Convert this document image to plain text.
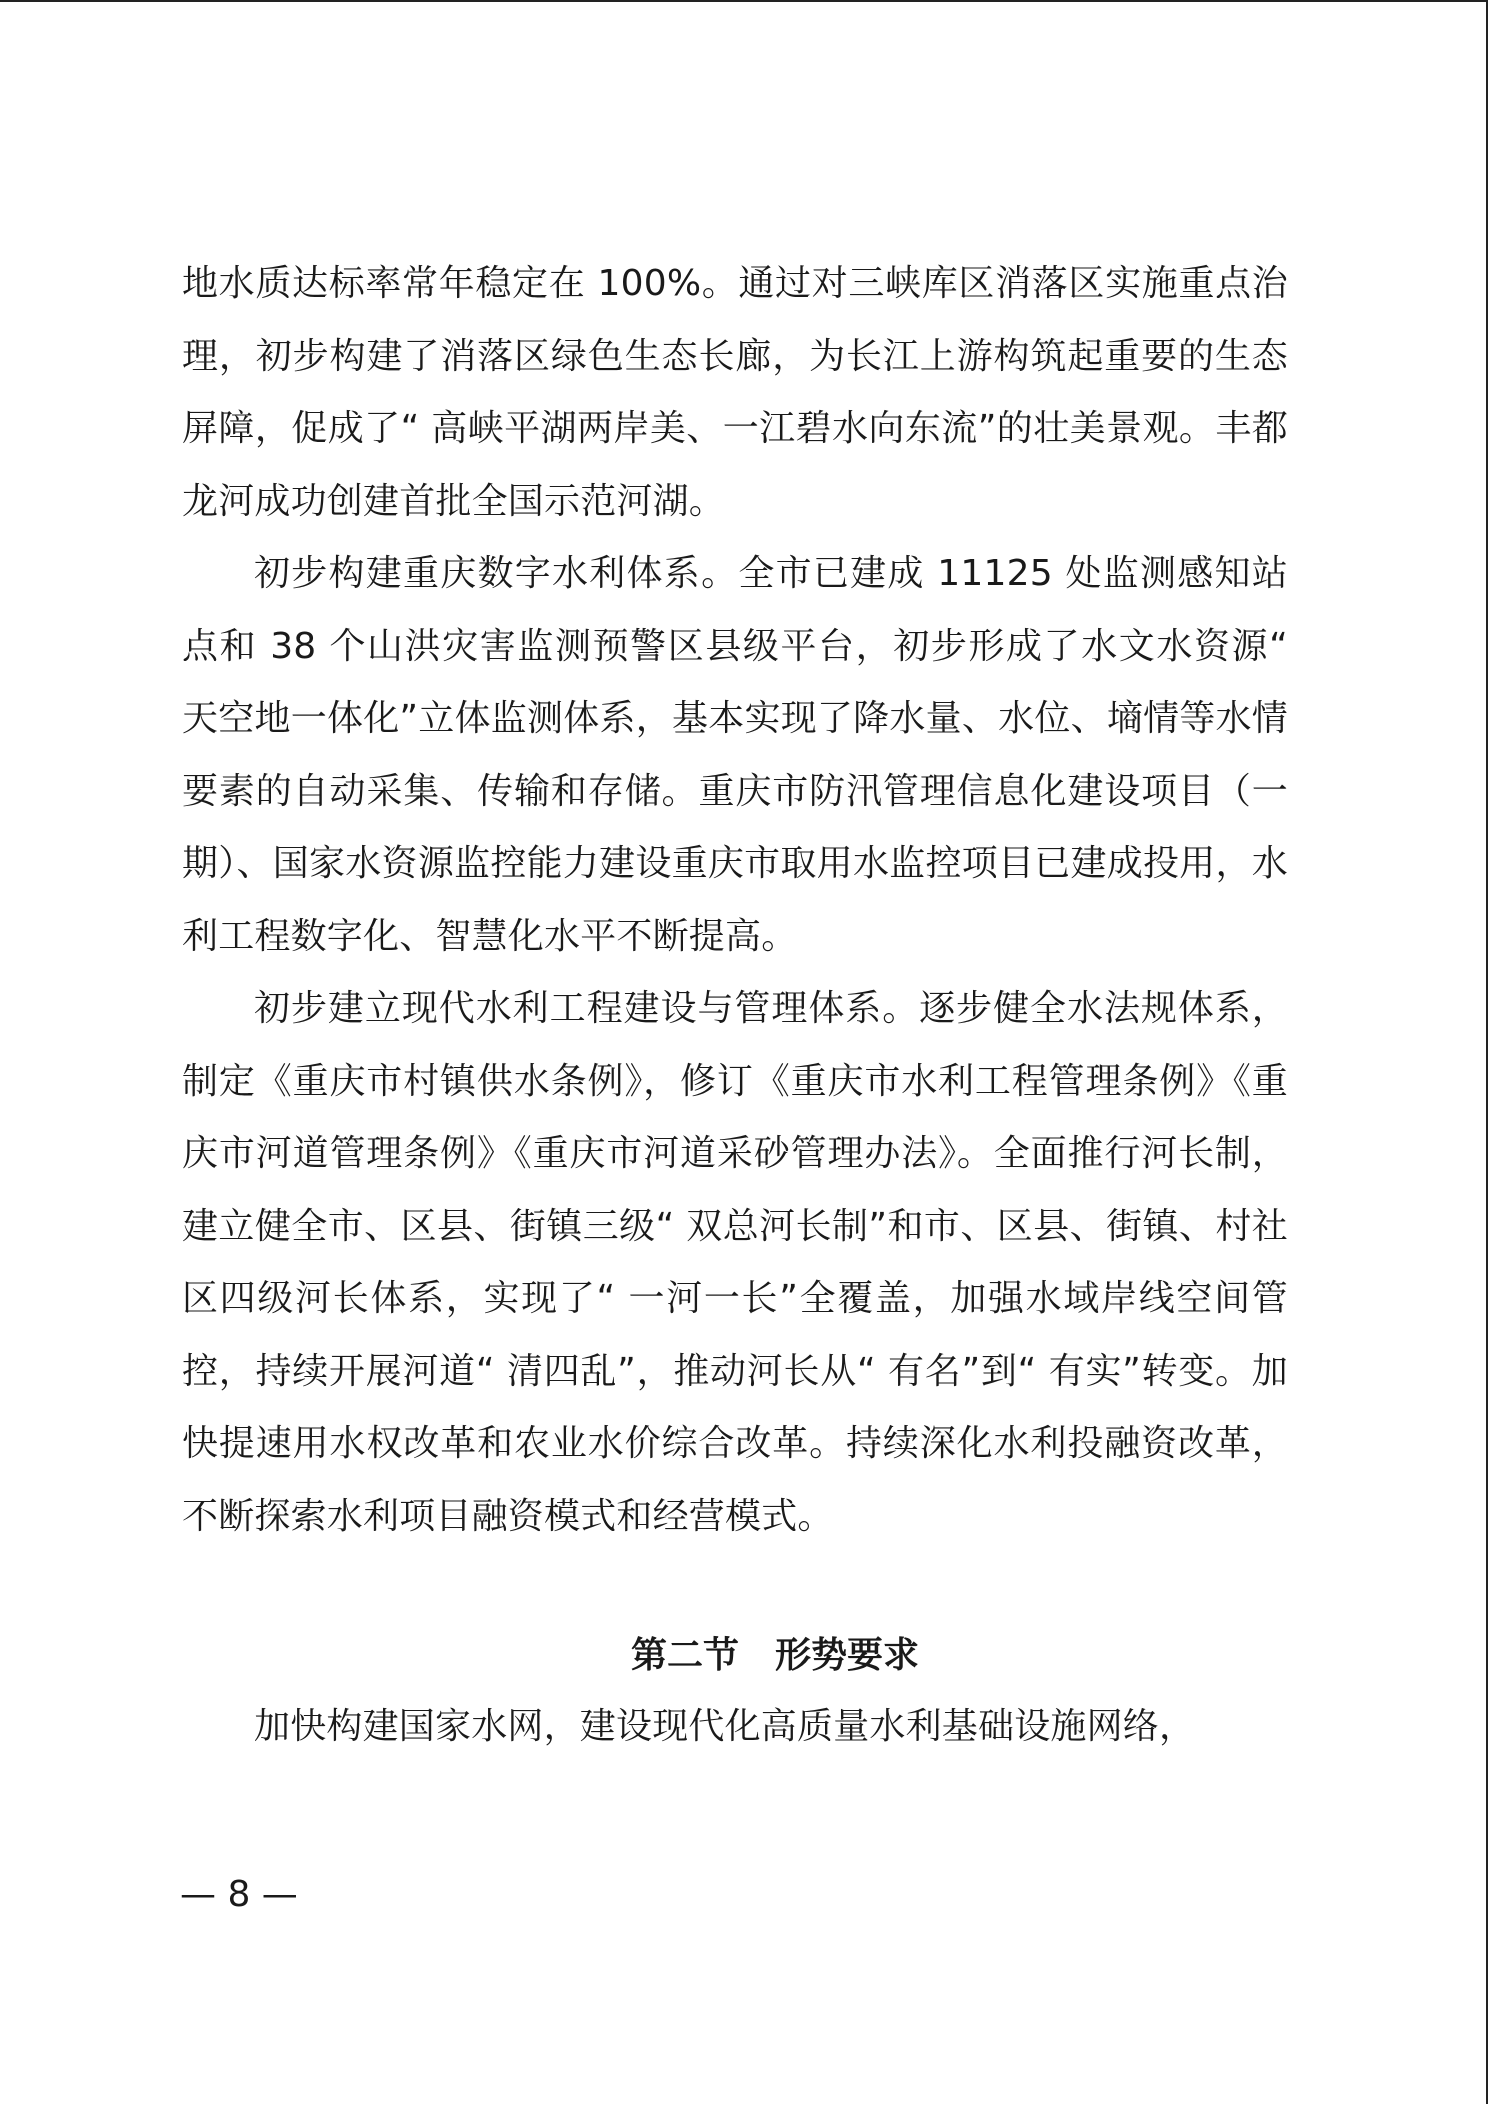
地水质达标率常年稳定在 100%。通过对三峡库区消落区实施重点治理，初步构建了消落区绿色生态长廊，为长江上游构筑起重要的生态屏障，促成了“ 高峡平湖两岸美、一江碧水向东流”的壮美景观。丰都龙河成功创建首批全国示范河湖。

初步构建重庆数字水利体系。全市已建成 11125 处监测感知站点和 38 个山洪灾害监测预警区县级平台，初步形成了水文水资源“ 天空地一体化”立体监测体系，基本实现了降水量、水位、墒情等水情要素的自动采集、传输和存储。重庆市防汛管理信息化建设项目（一期）、国家水资源监控能力建设重庆市取用水监控项目已建成投用，水利工程数字化、智慧化水平不断提高。

初步建立现代水利工程建设与管理体系。逐步健全水法规体系，制定《重庆市村镇供水条例》，修订《重庆市水利工程管理条例》《重庆市河道管理条例》《重庆市河道采砂管理办法》。全面推行河长制，建立健全市、区县、街镇三级“ 双总河长制”和市、区县、街镇、村社区四级河长体系，实现了“ 一河一长”全覆盖，加强水域岸线空间管控，持续开展河道“ 清四乱”，推动河长从“ 有名”到“ 有实”转变。加快提速用水权改革和农业水价综合改革。持续深化水利投融资改革，不断探索水利项目融资模式和经营模式。

第二节　形势要求

加快构建国家水网，建设现代化高质量水利基础设施网络，

— 8 —
